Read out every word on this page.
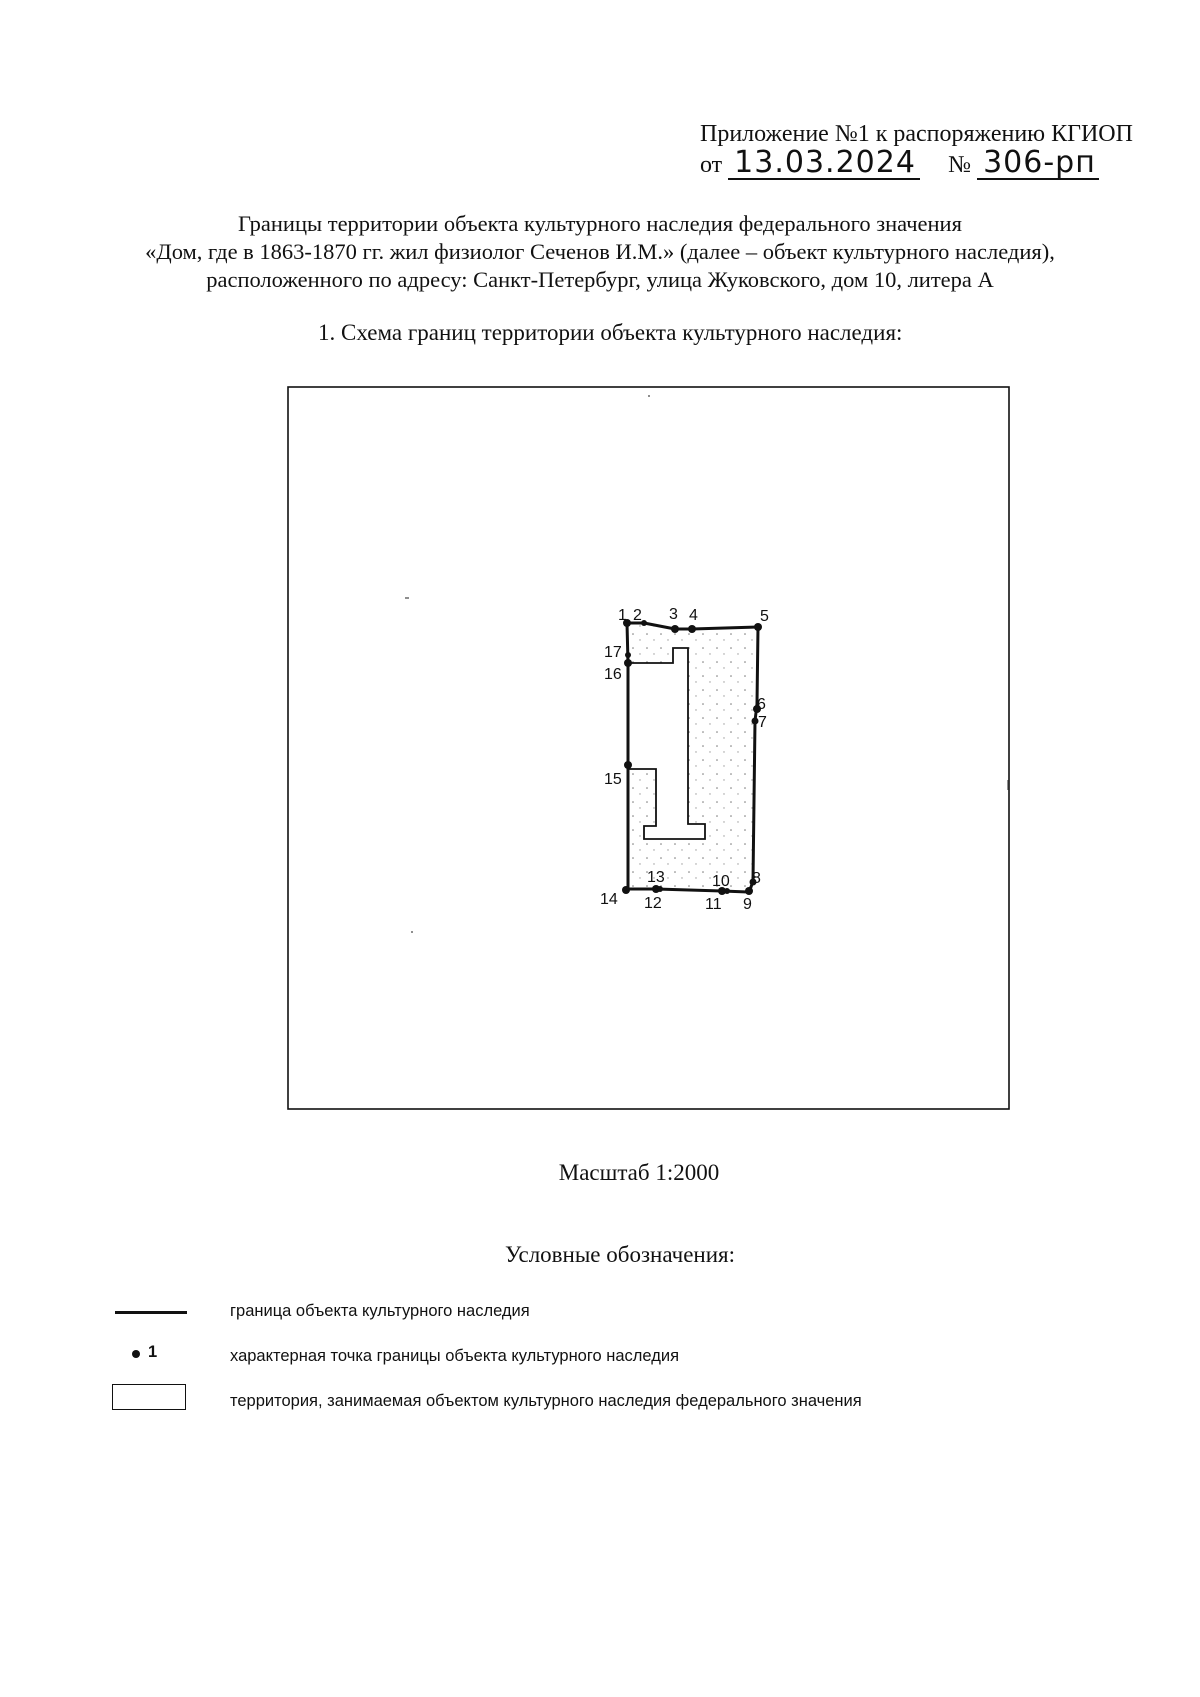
Приложение №1 к распоряжению КГИОП
от 13.03.2024 № 306-рп
Границы территории объекта культурного наследия федерального значения
«Дом, где в 1863-1870 гг. жил физиолог Сеченов И.М.» (далее – объект культурного наследия),
расположенного по адресу: Санкт-Петербург, улица Жуковского, дом 10, литера А
1. Схема границ территории объекта культурного наследия:
1 2 3 4	5
6
7
8
9
10
11
12
13
14
15
16
17
Масштаб 1:2000
Условные обозначения:
граница объекта культурного наследия
1	характерная точка границы объекта культурного наследия
территория, занимаемая объектом культурного наследия федерального значения
